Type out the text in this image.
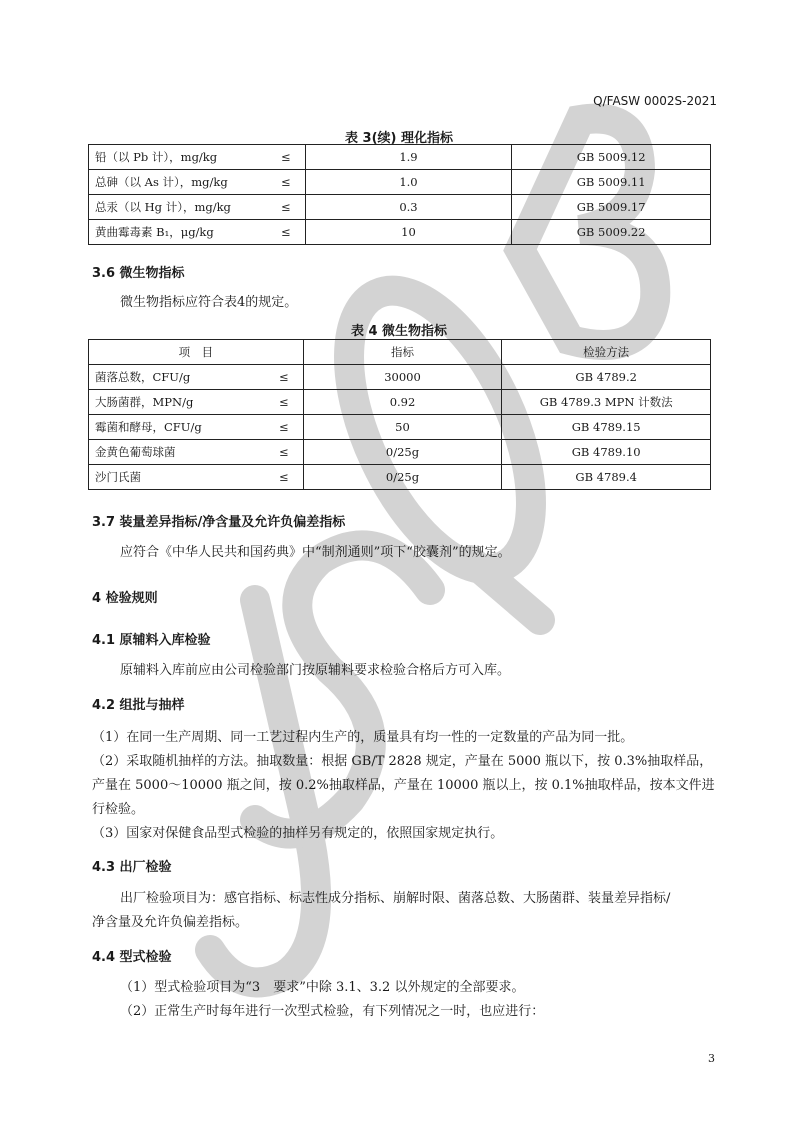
Q/FASW 0002S-2021
表 3(续) 理化指标
铅（以 Pb 计），mg/kg ≤	1.9	GB 5009.12

总砷（以 As 计），mg/kg ≤	1.0	GB 5009.11

总汞（以 Hg 计），mg/kg ≤	0.3	GB 5009.17

黄曲霉毒素 B₁，μg/kg ≤	10	GB 5009.22
3.6 微生物指标
微生物指标应符合表4的规定。
表 4 微生物指标
项　目	指标	检验方法

菌落总数，CFU/g ≤	30000	GB 4789.2

大肠菌群，MPN/g ≤	0.92	GB 4789.3 MPN 计数法

霉菌和酵母，CFU/g ≤	50	GB 4789.15

金黄色葡萄球菌 ≤	0/25g	GB 4789.10

沙门氏菌 ≤	0/25g	GB 4789.4
3.7 装量差异指标/净含量及允许负偏差指标
应符合《中华人民共和国药典》中“制剂通则”项下“胶囊剂”的规定。
4 检验规则
4.1 原辅料入库检验
原辅料入库前应由公司检验部门按原辅料要求检验合格后方可入库。
4.2 组批与抽样
（1）在同一生产周期、同一工艺过程内生产的，质量具有均一性的一定数量的产品为同一批。
（2）采取随机抽样的方法。抽取数量：根据 GB/T 2828 规定，产量在 5000 瓶以下，按 0.3%抽取样品，
产量在 5000～10000 瓶之间，按 0.2%抽取样品，产量在 10000 瓶以上，按 0.1%抽取样品，按本文件进
行检验。
（3）国家对保健食品型式检验的抽样另有规定的，依照国家规定执行。
4.3 出厂检验
出厂检验项目为：感官指标、标志性成分指标、崩解时限、菌落总数、大肠菌群、装量差异指标/
净含量及允许负偏差指标。
4.4 型式检验
（1）型式检验项目为“3　要求”中除 3.1、3.2 以外规定的全部要求。
（2）正常生产时每年进行一次型式检验，有下列情况之一时，也应进行：
3
